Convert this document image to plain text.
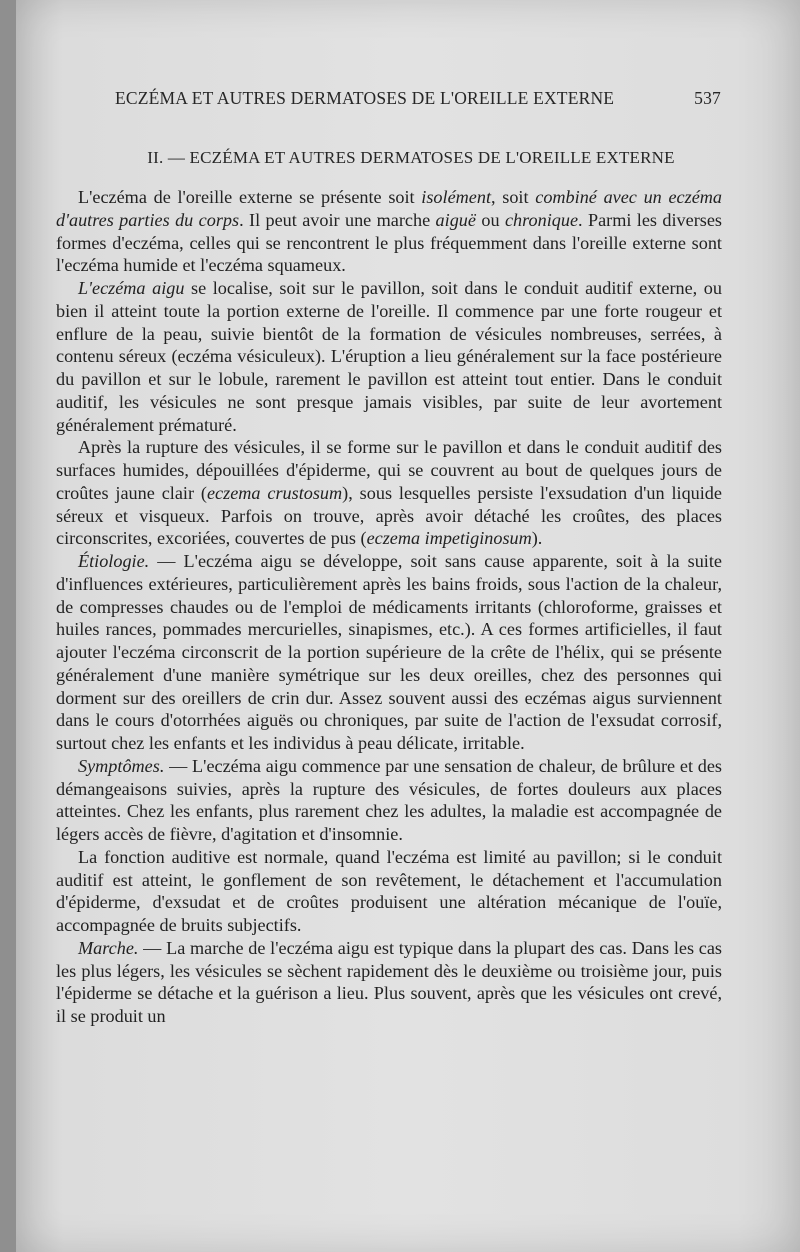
ECZÉMA ET AUTRES DERMATOSES DE L'OREILLE EXTERNE	537
II. — ECZÉMA ET AUTRES DERMATOSES DE L'OREILLE EXTERNE

L'eczéma de l'oreille externe se présente soit isolément, soit combiné avec un eczéma d'autres parties du corps. Il peut avoir une marche aiguë ou chronique. Parmi les diverses formes d'eczéma, celles qui se rencontrent le plus fréquemment dans l'oreille externe sont l'eczéma humide et l'eczéma squameux.

L'eczéma aigu se localise, soit sur le pavillon, soit dans le conduit auditif externe, ou bien il atteint toute la portion externe de l'oreille. Il commence par une forte rougeur et enflure de la peau, suivie bientôt de la formation de vésicules nombreuses, serrées, à contenu séreux (eczéma vésiculeux). L'éruption a lieu généralement sur la face postérieure du pavillon et sur le lobule, rarement le pavillon est atteint tout entier. Dans le conduit auditif, les vésicules ne sont presque jamais visibles, par suite de leur avortement généralement prématuré.

Après la rupture des vésicules, il se forme sur le pavillon et dans le conduit auditif des surfaces humides, dépouillées d'épiderme, qui se couvrent au bout de quelques jours de croûtes jaune clair (eczema crustosum), sous lesquelles persiste l'exsudation d'un liquide séreux et visqueux. Parfois on trouve, après avoir détaché les croûtes, des places circonscrites, excoriées, couvertes de pus (eczema impetiginosum).

Étiologie. — L'eczéma aigu se développe, soit sans cause apparente, soit à la suite d'influences extérieures, particulièrement après les bains froids, sous l'action de la chaleur, de compresses chaudes ou de l'emploi de médicaments irritants (chloroforme, graisses et huiles rances, pommades mercurielles, sinapismes, etc.). A ces formes artificielles, il faut ajouter l'eczéma circonscrit de la portion supérieure de la crête de l'hélix, qui se présente généralement d'une manière symétrique sur les deux oreilles, chez des personnes qui dorment sur des oreillers de crin dur. Assez souvent aussi des eczémas aigus surviennent dans le cours d'otorrhées aiguës ou chroniques, par suite de l'action de l'exsudat corrosif, surtout chez les enfants et les individus à peau délicate, irritable.

Symptômes. — L'eczéma aigu commence par une sensation de chaleur, de brûlure et des démangeaisons suivies, après la rupture des vésicules, de fortes douleurs aux places atteintes. Chez les enfants, plus rarement chez les adultes, la maladie est accompagnée de légers accès de fièvre, d'agitation et d'insomnie.

La fonction auditive est normale, quand l'eczéma est limité au pavillon; si le conduit auditif est atteint, le gonflement de son revêtement, le détachement et l'accumulation d'épiderme, d'exsudat et de croûtes produisent une altération mécanique de l'ouïe, accompagnée de bruits subjectifs.

Marche. — La marche de l'eczéma aigu est typique dans la plupart des cas. Dans les cas les plus légers, les vésicules se sèchent rapidement dès le deuxième ou troisième jour, puis l'épiderme se détache et la guérison a lieu. Plus souvent, après que les vésicules ont crevé, il se produit un
